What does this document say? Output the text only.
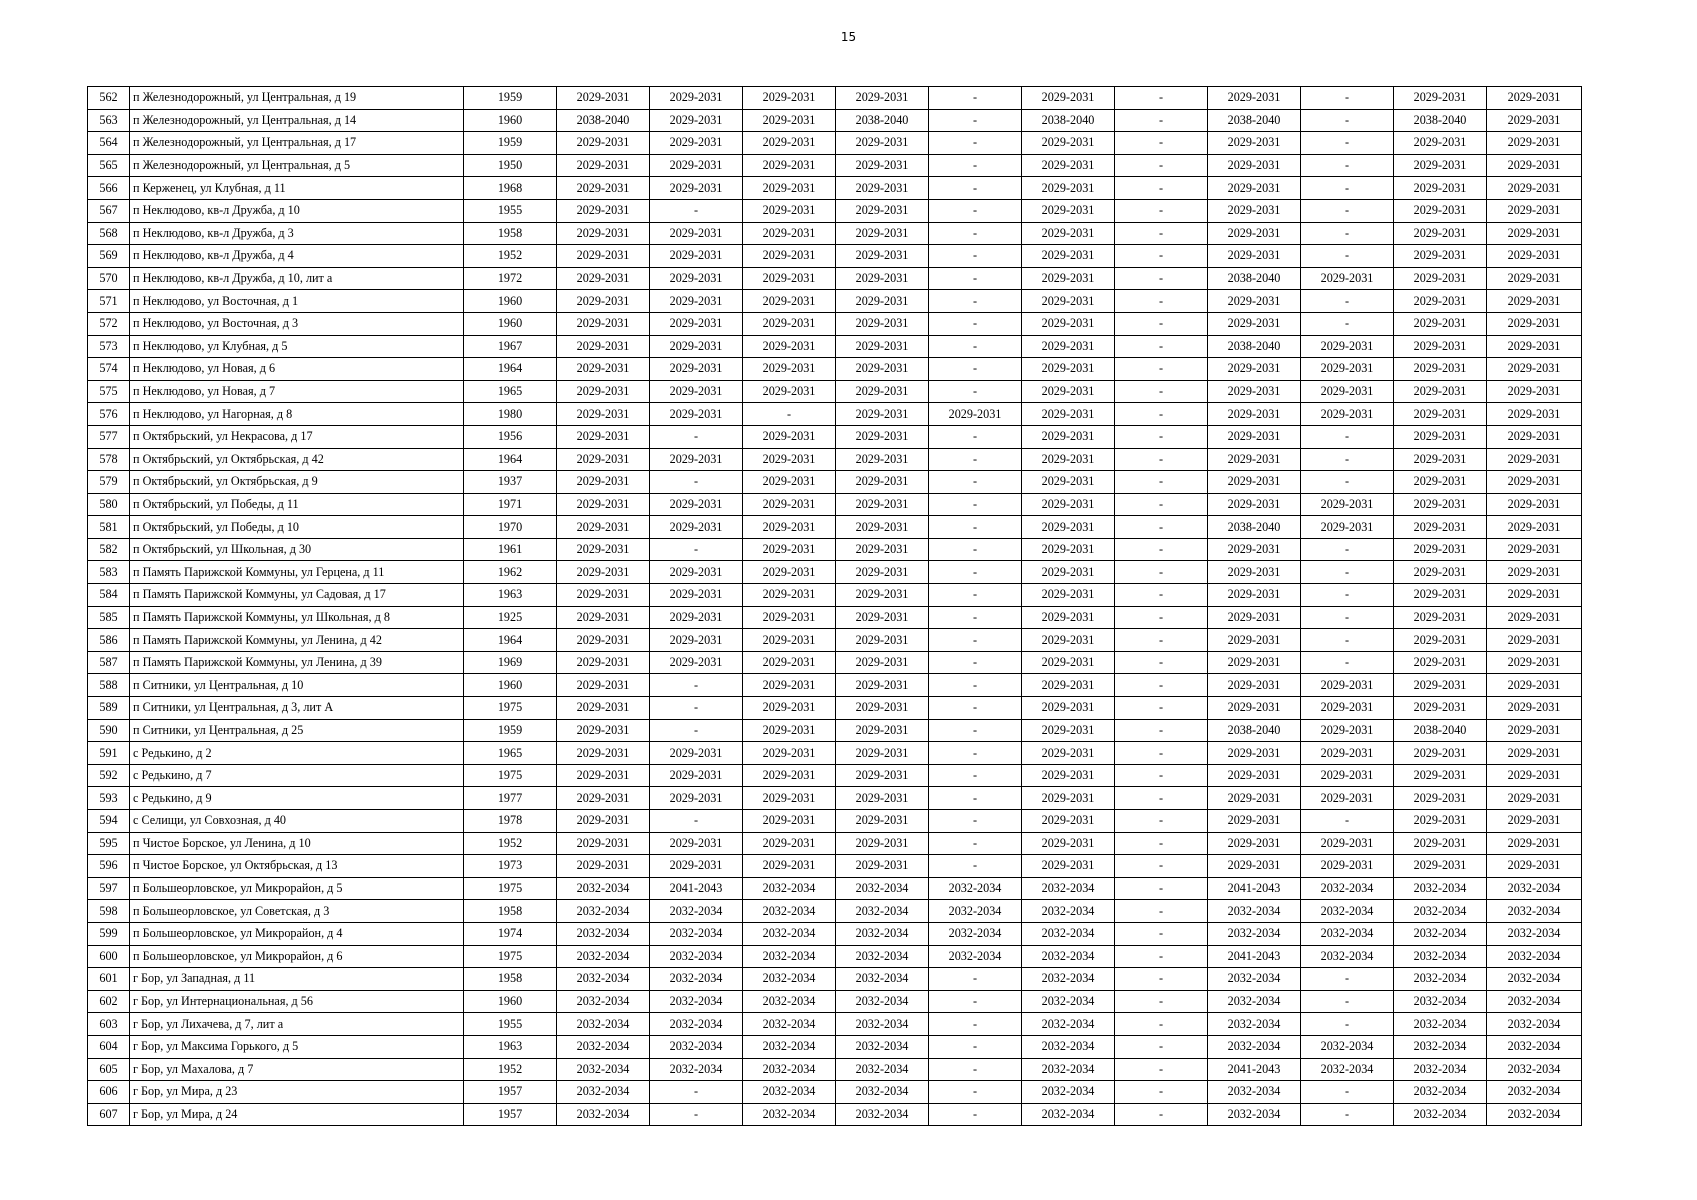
15
562	п Железнодорожный, ул Центральная, д 19	1959	2029-2031	2029-2031	2029-2031	2029-2031	-	2029-2031	-	2029-2031	-	2029-2031	2029-2031
563	п Железнодорожный, ул Центральная, д 14	1960	2038-2040	2029-2031	2029-2031	2038-2040	-	2038-2040	-	2038-2040	-	2038-2040	2029-2031
564	п Железнодорожный, ул Центральная, д 17	1959	2029-2031	2029-2031	2029-2031	2029-2031	-	2029-2031	-	2029-2031	-	2029-2031	2029-2031
565	п Железнодорожный, ул Центральная, д 5	1950	2029-2031	2029-2031	2029-2031	2029-2031	-	2029-2031	-	2029-2031	-	2029-2031	2029-2031
566	п Керженец, ул Клубная, д 11	1968	2029-2031	2029-2031	2029-2031	2029-2031	-	2029-2031	-	2029-2031	-	2029-2031	2029-2031
567	п Неклюдово, кв-л Дружба, д 10	1955	2029-2031	-	2029-2031	2029-2031	-	2029-2031	-	2029-2031	-	2029-2031	2029-2031
568	п Неклюдово, кв-л Дружба, д 3	1958	2029-2031	2029-2031	2029-2031	2029-2031	-	2029-2031	-	2029-2031	-	2029-2031	2029-2031
569	п Неклюдово, кв-л Дружба, д 4	1952	2029-2031	2029-2031	2029-2031	2029-2031	-	2029-2031	-	2029-2031	-	2029-2031	2029-2031
570	п Неклюдово, кв-л Дружба, д 10, лит а	1972	2029-2031	2029-2031	2029-2031	2029-2031	-	2029-2031	-	2038-2040	2029-2031	2029-2031	2029-2031
571	п Неклюдово, ул Восточная, д 1	1960	2029-2031	2029-2031	2029-2031	2029-2031	-	2029-2031	-	2029-2031	-	2029-2031	2029-2031
572	п Неклюдово, ул Восточная, д 3	1960	2029-2031	2029-2031	2029-2031	2029-2031	-	2029-2031	-	2029-2031	-	2029-2031	2029-2031
573	п Неклюдово, ул Клубная, д 5	1967	2029-2031	2029-2031	2029-2031	2029-2031	-	2029-2031	-	2038-2040	2029-2031	2029-2031	2029-2031
574	п Неклюдово, ул Новая, д 6	1964	2029-2031	2029-2031	2029-2031	2029-2031	-	2029-2031	-	2029-2031	2029-2031	2029-2031	2029-2031
575	п Неклюдово, ул Новая, д 7	1965	2029-2031	2029-2031	2029-2031	2029-2031	-	2029-2031	-	2029-2031	2029-2031	2029-2031	2029-2031
576	п Неклюдово, ул Нагорная, д 8	1980	2029-2031	2029-2031	-	2029-2031	2029-2031	2029-2031	-	2029-2031	2029-2031	2029-2031	2029-2031
577	п Октябрьский, ул Некрасова, д 17	1956	2029-2031	-	2029-2031	2029-2031	-	2029-2031	-	2029-2031	-	2029-2031	2029-2031
578	п Октябрьский, ул Октябрьская, д 42	1964	2029-2031	2029-2031	2029-2031	2029-2031	-	2029-2031	-	2029-2031	-	2029-2031	2029-2031
579	п Октябрьский, ул Октябрьская, д 9	1937	2029-2031	-	2029-2031	2029-2031	-	2029-2031	-	2029-2031	-	2029-2031	2029-2031
580	п Октябрьский, ул Победы, д 11	1971	2029-2031	2029-2031	2029-2031	2029-2031	-	2029-2031	-	2029-2031	2029-2031	2029-2031	2029-2031
581	п Октябрьский, ул Победы, д 10	1970	2029-2031	2029-2031	2029-2031	2029-2031	-	2029-2031	-	2038-2040	2029-2031	2029-2031	2029-2031
582	п Октябрьский, ул Школьная, д 30	1961	2029-2031	-	2029-2031	2029-2031	-	2029-2031	-	2029-2031	-	2029-2031	2029-2031
583	п Память Парижской Коммуны, ул Герцена, д 11	1962	2029-2031	2029-2031	2029-2031	2029-2031	-	2029-2031	-	2029-2031	-	2029-2031	2029-2031
584	п Память Парижской Коммуны, ул Садовая, д 17	1963	2029-2031	2029-2031	2029-2031	2029-2031	-	2029-2031	-	2029-2031	-	2029-2031	2029-2031
585	п Память Парижской Коммуны, ул Школьная, д 8	1925	2029-2031	2029-2031	2029-2031	2029-2031	-	2029-2031	-	2029-2031	-	2029-2031	2029-2031
586	п Память Парижской Коммуны, ул Ленина, д 42	1964	2029-2031	2029-2031	2029-2031	2029-2031	-	2029-2031	-	2029-2031	-	2029-2031	2029-2031
587	п Память Парижской Коммуны, ул Ленина, д 39	1969	2029-2031	2029-2031	2029-2031	2029-2031	-	2029-2031	-	2029-2031	-	2029-2031	2029-2031
588	п Ситники, ул Центральная, д 10	1960	2029-2031	-	2029-2031	2029-2031	-	2029-2031	-	2029-2031	2029-2031	2029-2031	2029-2031
589	п Ситники, ул Центральная, д 3, лит А	1975	2029-2031	-	2029-2031	2029-2031	-	2029-2031	-	2029-2031	2029-2031	2029-2031	2029-2031
590	п Ситники, ул Центральная, д 25	1959	2029-2031	-	2029-2031	2029-2031	-	2029-2031	-	2038-2040	2029-2031	2038-2040	2029-2031
591	с Редькино, д 2	1965	2029-2031	2029-2031	2029-2031	2029-2031	-	2029-2031	-	2029-2031	2029-2031	2029-2031	2029-2031
592	с Редькино, д 7	1975	2029-2031	2029-2031	2029-2031	2029-2031	-	2029-2031	-	2029-2031	2029-2031	2029-2031	2029-2031
593	с Редькино, д 9	1977	2029-2031	2029-2031	2029-2031	2029-2031	-	2029-2031	-	2029-2031	2029-2031	2029-2031	2029-2031
594	с Селищи, ул Совхозная, д 40	1978	2029-2031	-	2029-2031	2029-2031	-	2029-2031	-	2029-2031	-	2029-2031	2029-2031
595	п Чистое Борское, ул Ленина, д 10	1952	2029-2031	2029-2031	2029-2031	2029-2031	-	2029-2031	-	2029-2031	2029-2031	2029-2031	2029-2031
596	п Чистое Борское, ул Октябрьская, д 13	1973	2029-2031	2029-2031	2029-2031	2029-2031	-	2029-2031	-	2029-2031	2029-2031	2029-2031	2029-2031
597	п Большеорловское, ул Микрорайон, д 5	1975	2032-2034	2041-2043	2032-2034	2032-2034	2032-2034	2032-2034	-	2041-2043	2032-2034	2032-2034	2032-2034
598	п Большеорловское, ул Советская, д 3	1958	2032-2034	2032-2034	2032-2034	2032-2034	2032-2034	2032-2034	-	2032-2034	2032-2034	2032-2034	2032-2034
599	п Большеорловское, ул Микрорайон, д 4	1974	2032-2034	2032-2034	2032-2034	2032-2034	2032-2034	2032-2034	-	2032-2034	2032-2034	2032-2034	2032-2034
600	п Большеорловское, ул Микрорайон, д 6	1975	2032-2034	2032-2034	2032-2034	2032-2034	2032-2034	2032-2034	-	2041-2043	2032-2034	2032-2034	2032-2034
601	г Бор, ул Западная, д 11	1958	2032-2034	2032-2034	2032-2034	2032-2034	-	2032-2034	-	2032-2034	-	2032-2034	2032-2034
602	г Бор, ул Интернациональная, д 56	1960	2032-2034	2032-2034	2032-2034	2032-2034	-	2032-2034	-	2032-2034	-	2032-2034	2032-2034
603	г Бор, ул Лихачева, д 7, лит а	1955	2032-2034	2032-2034	2032-2034	2032-2034	-	2032-2034	-	2032-2034	-	2032-2034	2032-2034
604	г Бор, ул Максима Горького, д 5	1963	2032-2034	2032-2034	2032-2034	2032-2034	-	2032-2034	-	2032-2034	2032-2034	2032-2034	2032-2034
605	г Бор, ул Махалова, д 7	1952	2032-2034	2032-2034	2032-2034	2032-2034	-	2032-2034	-	2041-2043	2032-2034	2032-2034	2032-2034
606	г Бор, ул Мира, д 23	1957	2032-2034	-	2032-2034	2032-2034	-	2032-2034	-	2032-2034	-	2032-2034	2032-2034
607	г Бор, ул Мира, д 24	1957	2032-2034	-	2032-2034	2032-2034	-	2032-2034	-	2032-2034	-	2032-2034	2032-2034
